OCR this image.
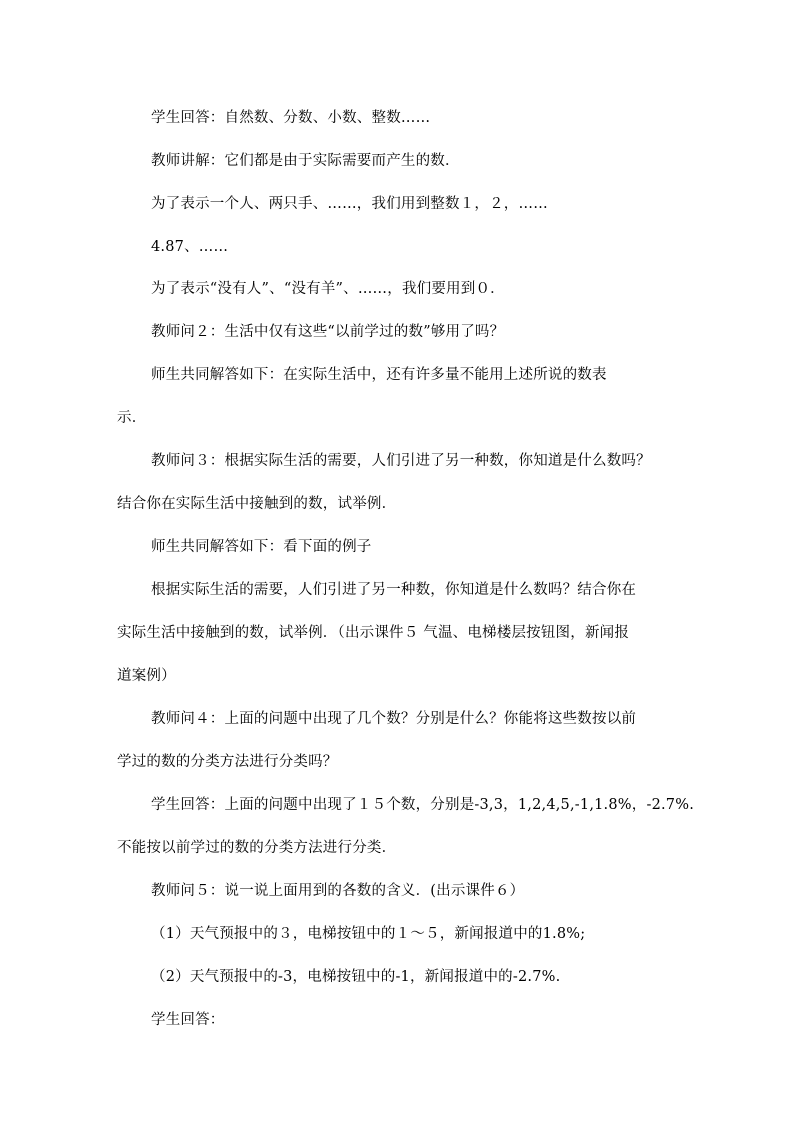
学生回答：自然数、分数、小数、整数……
教师讲解：它们都是由于实际需要而产生的数．
为了表示一个人、两只手、……，我们用到整数１，２，……
4.87、……
为了表示“没有人”、“没有羊”、……，我们要用到０．
教师问２：生活中仅有这些“以前学过的数”够用了吗？
师生共同解答如下：在实际生活中，还有许多量不能用上述所说的数表
示．
教师问３：根据实际生活的需要，人们引进了另一种数，你知道是什么数吗？
结合你在实际生活中接触到的数，试举例．
师生共同解答如下：看下面的例子
根据实际生活的需要，人们引进了另一种数，你知道是什么数吗？结合你在
实际生活中接触到的数，试举例．（出示课件５ 气温、电梯楼层按钮图，新闻报
道案例）
教师问４：上面的问题中出现了几个数？分别是什么？你能将这些数按以前
学过的数的分类方法进行分类吗？
学生回答：上面的问题中出现了１５个数，分别是-3,3，1,2,4,5,-1,1.8%，-2.7%.
不能按以前学过的数的分类方法进行分类．
教师问５：说一说上面用到的各数的含义．(出示课件６）
（1）天气预报中的３，电梯按钮中的１～５，新闻报道中的1.8%;
（2）天气预报中的-3，电梯按钮中的-1，新闻报道中的-2.7%.
学生回答：
